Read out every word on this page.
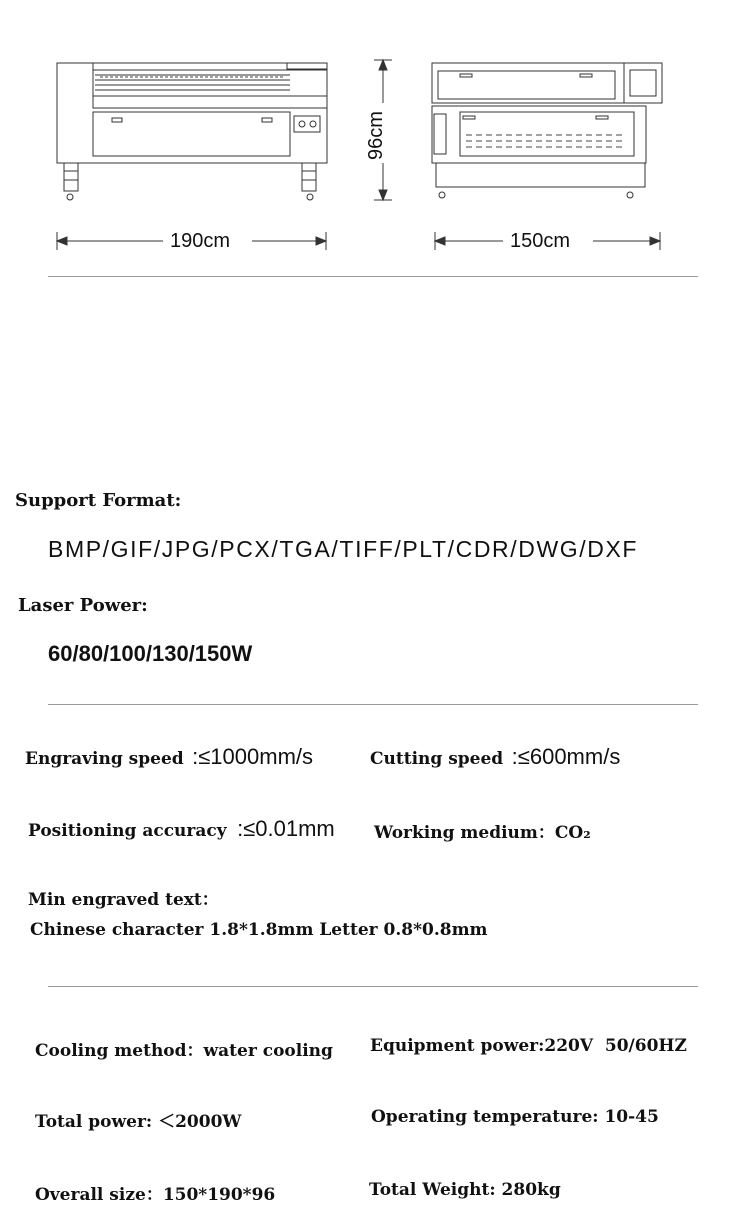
190cm	150cm
96cm
Support Format:
BMP/GIF/JPG/PCX/TGA/TIFF/PLT/CDR/DWG/DXF
Laser Power:
60/80/100/130/150W
Engraving speed :≤1000mm/s	Cutting speed :≤600mm/s
Positioning accuracy :≤0.01mm Working medium：CO₂
Min engraved text：
Chinese character 1.8*1.8mm Letter 0.8*0.8mm
Cooling method：water cooling Equipment power:220V  50/60HZ
Total power: ＜2000W	Operating temperature: 10-45
Overall size：150*190*96	Total Weight: 280kg
